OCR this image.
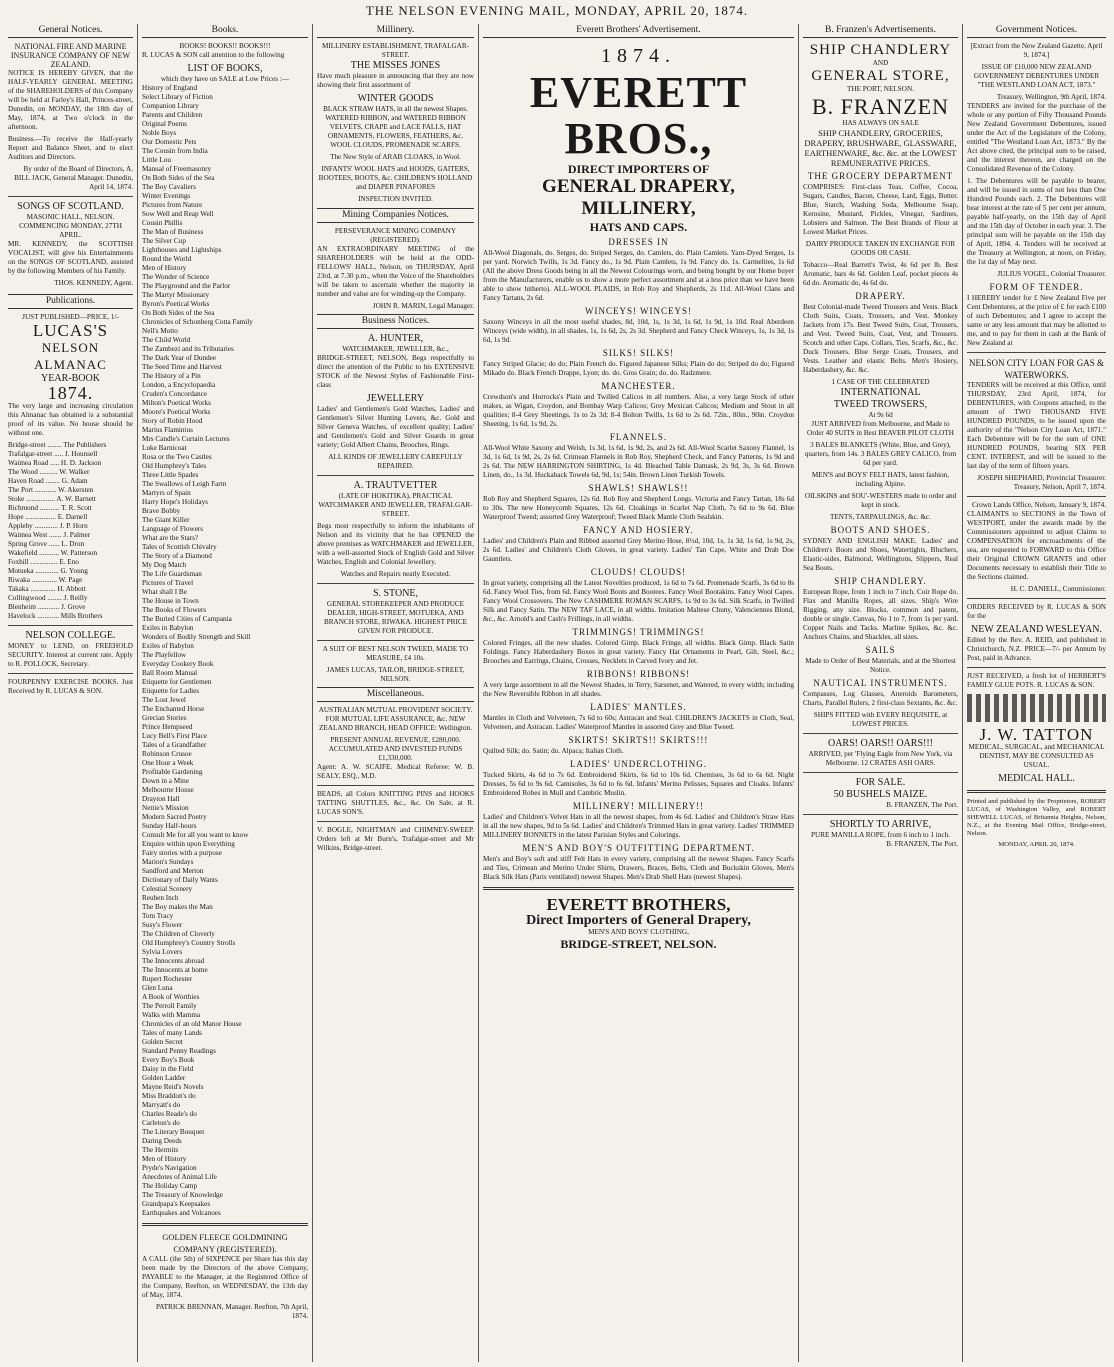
THE NELSON EVENING MAIL, MONDAY, APRIL 20, 1874.
General Notices.
NATIONAL FIRE AND MARINE INSURANCE COMPANY OF NEW ZEALAND.

NOTICE IS HEREBY GIVEN, that the HALF-YEARLY GENERAL MEETING of the SHAREHOLDERS of this Company will be held at Farley's Hall, Princes-street, Dunedin, on MONDAY, the 18th day of May, 1874, at Two o'clock in the afternoon.

Business.—To receive the Half-yearly Report and Balance Sheet, and to elect Auditors and Directors.

By order of the Board of Directors, A. BILL JACK, General Manager. Dunedin, April 14, 1874.

SONGS OF SCOTLAND.
MASONIC HALL, NELSON.
COMMENCING MONDAY, 27TH APRIL.

MR. KENNEDY, the SCOTTISH VOCALIST, will give his Entertainments on the SONGS OF SCOTLAND, assisted by the following Members of his Family.

THOS. KENNEDY, Agent.

Publications.
JUST PUBLISHED—PRICE, 1/-
LUCAS'S
NELSON ALMANAC
YEAR-BOOK
1874.

The very large and increasing circulation this Almanac has obtained is a substantial proof of its value. No house should be without one.

Bridge-street ........ The Publishers
Trafalgar-street ..... J. Hounsell
Waimea Road ..... H. D. Jackson
The Wood .......... W. Walker
Haven Road ........ G. Adam
The Port ............ W. Akersten
Stoke ................ A. W. Barnett
Richmond ........... T. R. Scott
Hope ................. E. Darnell
Appleby ............. J. P. Horn
Waimea West ....... J. Palmer
Spring Grove ...... L. Dron
Wakefield ........... W. Patterson
Foxhill ............... E. Eno
Motueka ............. G. Young
Riwaka .............. W. Page
Takaka .............. H. Abbott
Collingwood ........ J. Reilly
Blenheim ............ J. Grove
Havelock ............ Mills Brothers
NELSON COLLEGE.

MONEY to LEND, on FREEHOLD SECURITY. Interest at current rate. Apply to R. POLLOCK, Secretary.

FOURPENNY EXERCISE BOOKS. Just Received by R. LUCAS & SON.

Books.
BOOKS! BOOKS!! BOOKS!!!

R. LUCAS & SON call attention to the following

LIST OF BOOKS,
which they have on SALE at Low Prices :—
History of England
Select Library of Fiction
Companion Library
Parents and Children
Original Poems
Noble Boys
Our Domestic Pets
The Cousin from India
Little Lou
Manual of Freemasonry
On Both Sides of the Sea
The Boy Cavaliers
Winter Evenings
Pictures from Nature
Sow Well and Reap Well
Cousin Phillis
The Man of Business
The Silver Cup
Lighthouses and Lightships
Round the World
Men of History
The Wonder of Science
The Playground and the Parlor
The Martyr Missionary
Byron's Poetical Works
On Both Sides of the Sea
Chronicles of Schonberg Cotta Family
Nell's Motto
The Child World
The Zambezi and its Tributaries
The Dark Year of Dundee
The Seed Time and Harvest
The History of a Pin
London, a Encyclopaedia
Cruden's Concordance
Milton's Poetical Works
Moore's Poetical Works
Story of Robin Hood
Marius Flaminius
Mrs Candle's Curtain Lectures
Luke Barnicoat
Rosa or the Two Castles
Old Humphrey's Tales
Three Little Spades
The Swallows of Leigh Farm
Martyrs of Spain
Harry Hope's Holidays
Brave Bobby
The Giant Killer
Language of Flowers
What are the Stars?
Tales of Scottish Chivalry
The Story of a Diamond
My Dog Match
The Life Guardsman
Pictures of Travel
What shall I Be
The House in Town
The Books of Flowers
The Buried Cities of Campania
Exiles in Babylon
Wonders of Bodily Strength and Skill
Exiles of Babylon
The Playfellow
Everyday Cookery Book
Ball Room Manual
Etiquette for Gentlemen
Etiquette for Ladies
The Lost Jewel
The Enchanted Horse
Grecian Stories
Prince Hempseed
Lucy Bell's First Place
Tales of a Grandfather
Robinson Crusoe
One Hour a Week
Profitable Gardening
Down in a Mine
Melbourne House
Drayton Hall
Nettie's Mission
Modern Sacred Poetry
Sunday Half-hours
Consult Me for all you want to know
Enquire within upon Everything
Fairy stories with a purpose
Marion's Sundays
Sandford and Merton
Dictionary of Daily Wants
Celestial Scenery
Reuben Inch
The Boy makes the Man
Tom Tracy
Susy's Flower
The Children of Cloverly
Old Humphrey's Country Strolls
Sylvia Lovers
The Innocents abroad
The Innocents at home
Rupert Rochester
Glen Luna
A Book of Worthies
The Perroll Family
Walks with Mamma
Chronicles of an old Manor House
Tales of many Lands
Golden Secret
Standard Penny Readings
Every Boy's Book
Daisy in the Field
Golden Ladder
Mayne Reid's Novels
Miss Braddon's do
Marryatt's do
Charles Reade's do
Carleton's do
The Literary Bouquet
Daring Deeds
The Hermits
Men of History
Pryde's Navigation
Anecdotes of Animal Life
The Holiday Camp
The Treasury of Knowledge
Grandpapa's Keepsakes
Earthquakes and Volcanoes
GOLDEN FLEECE GOLDMINING COMPANY (REGISTERED).

A CALL (the 5th) of SIXPENCE per Share has this day been made by the Directors of the above Company, PAYABLE to the Manager, at the Registered Office of the Company, Reefton, on WEDNESDAY, the 13th day of May, 1874.

PATRICK BRENNAN, Manager. Reefton, 7th April, 1874.

Millinery.
MILLINERY ESTABLISHMENT, TRAFALGAR-STREET.
THE MISSES JONES

Have much pleasure in announcing that they are now showing their first assortment of

WINTER GOODS

BLACK STRAW HATS, in all the newest Shapes. WATERED RIBBON, and WATERED RIBBON VELVETS, CRAPE and LACE FALLS, HAT ORNAMENTS, FLOWERS, FEATHERS, &c. WOOL CLOUDS, PROMENADE SCARFS.

The New Style of ARAB CLOAKS, in Wool.

INFANTS' WOOL HATS and HOODS, GAITERS, BOOTEES, BOOTS, &c. CHILDREN'S HOLLAND and DIAPER PINAFORES

INSPECTION INVITED.
Mining Companies Notices.
PERSEVERANCE MINING COMPANY (REGISTERED).

AN EXTRAORDINARY MEETING of the SHAREHOLDERS will be held at the ODD-FELLOWS' HALL, Nelson, on THURSDAY, April 23rd, at 7.30 p.m., when the Voice of the Shareholders will be taken to ascertain whether the majority in number and value are for winding-up the Company.

JOHN R. MARIN, Legal Manager.

Business Notices.
A. HUNTER,
WATCHMAKER, JEWELLER, &c.,

BRIDGE-STREET, NELSON, Begs respectfully to direct the attention of the Public to his EXTENSIVE STOCK of the Newest Styles of Fashionable First-class

JEWELLERY

Ladies' and Gentlemen's Gold Watches, Ladies' and Gentlemen's Silver Hunting Levers, &c. Gold and Silver Geneva Watches, of excellent quality; Ladies' and Gentlemen's Gold and Silver Guards in great variety; Gold Albert Chains, Brooches, Rings.

ALL KINDS OF JEWELLERY CAREFULLY REPAIRED.
A. TRAUTVETTER

(LATE OF HOKITIKA), PRACTICAL WATCHMAKER AND JEWELLER, TRAFALGAR-STREET.

Begs most respectfully to inform the inhabitants of Nelson and its vicinity that he has OPENED the above premises as WATCHMAKER and JEWELLER, with a well-assorted Stock of English Gold and Silver Watches, English and Colonial Jewellery.

Watches and Repairs neatly Executed.
S. STONE,

GENERAL STOREKEEPER AND PRODUCE DEALER, HIGH-STREET, MOTUEKA, AND BRANCH STORE, RIWAKA. HIGHEST PRICE GIVEN FOR PRODUCE.

A SUIT OF BEST NELSON TWEED, MADE TO MEASURE, £4 10s.

JAMES LUCAS, TAILOR, BRIDGE-STREET, NELSON.

Miscellaneous.
AUSTRALIAN MUTUAL PROVIDENT SOCIETY.

FOR MUTUAL LIFE ASSURANCE, &c. NEW ZEALAND BRANCH, HEAD OFFICE: Wellington.

PRESENT ANNUAL REVENUE, £280,000.
ACCUMULATED AND INVESTED FUNDS £1,330,000.

Agent: A. W. SCAIFE. Medical Referee: W. B. SEALY, ESQ., M.D.

BEADS, all Colors KNITTING PINS and HOOKS TATTING SHUTTLES, &c., &c. On Sale, at R. LUCAS SON'S.

V. BOGLE, NIGHTMAN and CHIMNEY-SWEEP. Orders left at Mr Burn's, Trafalgar-street and Mr Wilkins, Bridge-street.

Everett Brothers' Advertisement.
1874.
EVERETT BROS.,
DIRECT IMPORTERS OF
GENERAL DRAPERY, MILLINERY,
HATS AND CAPS.
DRESSES IN

All-Wool Diagonals, do. Serges, do. Striped Serges, do. Camlets, do. Plain Camlets. Yarn-Dyed Serges, 1s per yard. Norwich Twills, 1s 3d. Fancy do., 1s 9d. Plain Camlets, 1s 9d. Fancy do. 1s. Carmelites, 1s 6d (All the above Dress Goods being in all the Newest Colourings worn, and being bought by our Home buyer from the Manufacturers, enable us to show a more perfect assortment and at a less price than we have been able to show hitherto). ALL-WOOL PLAIDS, in Rob Roy and Shepherds, 2s 11d. All-Wool Clans and Fancy Tartans, 2s 6d.

WINCEYS! WINCEYS!

Saxony Winceys in all the most useful shades, 8d, 10d, 1s, 1s 3d, 1s 6d, 1s 9d, 1s 10d. Real Aberdeen Winceys (wide width), in all shades, 1s, 1s 6d, 2s, 2s 3d. Shepherd and Fancy Check Winceys, 1s, 1s 3d, 1s 6d, 1s 9d.

SILKS! SILKS!

Fancy Striped Glacie; do do; Plain French do. Figured Japanese Silks; Plain do do; Striped do do; Figured Mikado do. Black French Drappe, Lyon; do. do. Gros Grain; do. do. Radzmere.

MANCHESTER.

Crewdson's and Horrocks's Plain and Twilled Calicos in all numbers. Also, a very large Stock of other makes, as Wigan, Croydon, and Bombay Warp Calicos; Grey Mexican Calicos; Medium and Stout in all qualities; 8-4 Grey Sheetings, 1s to 2s 3d; 8-4 Bolton Twills, 1s 6d to 2s 6d. 72in., 80in., 90in. Croydon Sheeting, 1s 6d, 1s 9d, 2s.

FLANNELS.

All-Wool White Saxony and Welsh, 1s 3d, 1s 6d, 1s 9d, 2s, and 2s 6d. All-Wool Scarlet Saxony Flannel, 1s 3d, 1s 6d, 1s 9d, 2s, 2s 6d. Crimean Flannels in Rob Roy, Shepherd Check, and Fancy Patterns, 1s 9d and 2s 6d. The NEW HARRINGTON SHIRTING, 1s 4d. Bleached Table Damask, 2s 9d, 3s, 3s 6d. Brown Linen, do., 1s 3d. Huckaback Towels 6d, 9d, 1s; 54in. Brown Linen Turkish Towels.

SHAWLS! SHAWLS!!

Rob Roy and Shepherd Squares, 12s 6d. Rob Roy and Shepherd Longs. Victoria and Fancy Tartan, 18s 6d to 30s. The new Honeycomb Squares, 12s 6d. Cloakings in Scarlet Nap Cloth, 7s 6d to 9s 6d. Blue Waterproof Tweed; assorted Grey Waterproof; Tweed Black Mantle Cloth Sealskin.

FANCY AND HOSIERY.

Ladies' and Children's Plain and Ribbed assorted Grey Merino Hose, 8½d, 10d, 1s, 1s 3d, 1s 6d, 1s 9d, 2s, 2s 6d. Ladies' and Children's Cloth Gloves, in great variety. Ladies' Tan Cape, White and Drab Doe Gauntlets.

CLOUDS! CLOUDS!

In great variety, comprising all the Latest Novelties produced, 1s 6d to 7s 6d. Promenade Scarfs, 3s 6d to 8s 6d. Fancy Wool Ties, from 6d. Fancy Wool Boots and Bootees. Fancy Wool Bootakins. Fancy Wool Capes. Fancy Wool Crossovers. The New CASHMERE ROMAN SCARFS, 1s 9d to 3s 6d. Silk Scarfs, in Twilled Silk and Fancy Satin. The NEW TAF LACE, in all widths. Imitation Maltese Chuny, Valenciennes Blond, &c., &c. Arnold's and Cash's Frillings, in all widths.

TRIMMINGS! TRIMMINGS!

Colored Fringes, all the new shades. Colored Gimp. Black Fringe, all widths. Black Gimp. Black Satin Foldings. Fancy Haberdashery Boxes in great variety. Fancy Hat Ornaments in Pearl, Gilt, Steel, &c.; Brooches and Earrings, Chains, Crosses, Necklets in Carved Ivory and Jet.

RIBBONS! RIBBONS!

A very large assortment in all the Newest Shades, in Terry, Sarsenet, and Watered, in every width; including the New Reversible Ribbon in all shades.

LADIES' MANTLES.

Mantles in Cloth and Velveteen, 7s 6d to 60s; Astracan and Seal. CHILDREN'S JACKETS in Cloth, Seal, Velveteen, and Astracan. Ladies' Waterproof Mantles in assorted Grey and Blue Tweed.

SKIRTS! SKIRTS!! SKIRTS!!!

Quilted Silk; do. Satin; do. Alpaca; Italian Cloth.

LADIES' UNDERCLOTHING.

Tucked Skirts, 4s 6d to 7s 6d. Embroidered Skirts, 6s 6d to 10s 6d. Chemises, 3s 6d to 6s 6d. Night Dresses, 5s 6d to 9s 6d. Camisoles, 3s 6d to 6s 6d. Infants' Merino Pelisses, Squares and Cloaks. Infants' Embroidered Robes in Mull and Cambric Muslin.

MILLINERY! MILLINERY!!

Ladies' and Children's Velvet Hats in all the newest shapes, from 4s 6d. Ladies' and Children's Straw Hats in all the new shapes, 9d to 5s 6d. Ladies' and Children's Trimmed Hats in great variety. Ladies' TRIMMED MILLINERY BONNETS in the latest Parisian Styles and Colorings.

MEN'S AND BOY'S OUTFITTING DEPARTMENT.

Men's and Boy's soft and stiff Felt Hats in every variety, comprising all the newest Shapes. Fancy Scarfs and Ties, Crimean and Merino Under Shirts, Drawers, Braces, Belts, Cloth and Buckskin Gloves, Men's Black Silk Hats (Paris ventilated) newest Shapes. Men's Drab Shell Hats (newest Shapes).

EVERETT BROTHERS,
Direct Importers of General Drapery,
MEN'S AND BOYS' CLOTHING,
BRIDGE-STREET, NELSON.
B. Franzen's Advertisements.
SHIP CHANDLERY
AND
GENERAL STORE,
THE PORT, NELSON.
B. FRANZEN
HAS ALWAYS ON SALE

SHIP CHANDLERY, GROCERIES, DRAPERY, BRUSHWARE, GLASSWARE, EARTHENWARE, &c. &c. at the LOWEST REMUNERATIVE PRICES.

THE GROCERY DEPARTMENT

COMPRISES: First-class Teas, Coffee, Cocoa, Sugars, Candles, Bacon, Cheese, Lard, Eggs, Butter. Blue, Starch, Washing Soda, Melbourne Soap, Kerosine, Mustard, Pickles, Vinegar, Sardines, Lobsters and Salmon. The Best Brands of Flour at Lowest Market Prices.

DAIRY PRODUCE TAKEN IN EXCHANGE FOR GOODS OR CASH.

Tobacco—Real Barrett's Twist, 4s 6d per lb. Best Aromatic, bars 4s 6d. Golden Leaf, pocket pieces 4s 6d do. Aromatic do, 4s 6d do.

DRAPERY.

Best Colonial-made Tweed Trousers and Vests. Black Cloth Suits, Coats, Trousers, and Vest. Monkey Jackets from 17s. Best Tweed Suits, Coat, Trousers, and Vest. Tweed Suits, Coat, Vest, and Trousers. Scotch and other Caps. Collars, Ties, Scarfs, &c., &c. Duck Trousers. Blue Serge Coats, Trousers, and Vests. Leather and elastic Belts. Men's Hosiery, Haberdashery, &c. &c.

1 CASE OF THE CELEBRATED
INTERNATIONAL
TWEED TROWSERS,
At 9s 6d

JUST ARRIVED from Melbourne, and Made to Order 40 SUITS in Best BEAVER PILOT CLOTH

3 BALES BLANKETS (White, Blue, and Grey), quarters, from 14s. 3 BALES GREY CALICO, from 6d per yard.

MEN'S and BOYS' FELT HATS, latest fashion, including Alpine.

OILSKINS and SOU'-WESTERS made to order and kept in stock.

TENTS, TARPAULINGS, &c. &c.
BOOTS AND SHOES.

SYDNEY AND ENGLISH MAKE. Ladies' and Children's Boots and Shoes, Watertights, Bluchers, Elastic-sides, Balmoral, Wellingtons, Slippers, Real Sea Boots.

SHIP CHANDLERY.

European Rope, from 1 inch to 7 inch. Coir Rope do. Flax and Manilla Ropes, all sizes. Ship's Wire Rigging, any size. Blocks, common and patent, double or single. Canvas, No 1 to 7, from 1s per yard. Copper Nails and Tacks. Marline Spikes, &c. &c. Anchors Chains, and Shackles, all sizes.

SAILS

Made to Order of Best Materials, and at the Shortest Notice.

NAUTICAL INSTRUMENTS.

Compasses, Log Glasses, Aneroids Barometers, Charts, Parallel Rulers, 2 first-class Sextants, &c. &c.

SHIPS FITTED with EVERY REQUISITE, at LOWEST PRICES.

OARS! OARS!! OARS!!!

ARRIVED, per 'Flying Eagle from New York, via Melbourne. 12 CRATES ASH OARS.

FOR SALE.
50 BUSHELS MAIZE.
B. FRANZEN, The Port.
SHORTLY TO ARRIVE,
PURE MANILLA ROPE, from 6 inch to 1 inch.
B. FRANZEN, The Port.
Government Notices.

[Extract from the New Zealand Gazette, April 9, 1874.]

ISSUE OF £10,000 NEW ZEALAND GOVERNMENT DEBENTURES UNDER "THE WESTLAND LOAN ACT, 1873."

Treasury, Wellington, 9th April, 1874.

TENDERS are invited for the purchase of the whole or any portion of Fifty Thousand Pounds New Zealand Government Debentures, issued under the Act of the Legislature of the Colony, entitled "The Westland Loan Act, 1873." By the Act above cited, the principal sum to be raised, and the interest thereon, are charged on the Consolidated Revenue of the Colony.

1. The Debentures will be payable to bearer, and will be issued in sums of not less than One Hundred Pounds each. 2. The Debentures will bear interest at the rate of 5 per cent per annum, payable half-yearly, on the 15th day of April and the 15th day of October in each year. 3. The principal sum will be payable on the 15th day of April, 1894. 4. Tenders will be received at the Treasury at Wellington, at noon, on Friday, the 1st day of May next.

JULIUS VOGEL, Colonial Treasurer.
FORM OF TENDER.

I HEREBY tender for £ New Zealand Five per Cent Debentures, at the price of £ for each £100 of such Debentures; and I agree to accept the same or any less amount that may be allotted to me, and to pay for them in cash at the Bank of New Zealand at

NELSON CITY LOAN FOR GAS & WATERWORKS.

TENDERS will be received at this Office, until THURSDAY, 23rd April, 1874, for DEBENTURES, with Coupons attached, to the amount of TWO THOUSAND FIVE HUNDRED POUNDS, to be issued upon the authority of the "Nelson City Loan Act, 1871." Each Debenture will be for the sum of ONE HUNDRED POUNDS, bearing SIX PER CENT. INTEREST, and will be issued to the last day of the term of fifteen years.

JOSEPH SHEPHARD, Provincial Treasurer. Treasury, Nelson, April 7, 1874.

Crown Lands Office, Nelson, January 9, 1874.

CLAIMANTS to SECTIONS in the Town of WESTPORT, under the awards made by the Commissioners appointed to adjust Claims to COMPENSATION for encroachments of the sea, are requested to FORWARD to this Office their Original CROWN GRANTS and other Documents necessary to establish their Title to the Sections claimed.

H. C. DANIELL, Commissioner.

ORDERS RECEIVED by R. LUCAS & SON for the

NEW ZEALAND WESLEYAN.

Edited by the Rev. A. REID, and published in Christchurch, N.Z. PRICE—7/- per Annum by Post, paid in Advance.

JUST RECEIVED, a fresh lot of HERBERT'S FAMILY GLUE POTS. R. LUCAS & SON.

J. W. TATTON

MEDICAL, SURGICAL, and MECHANICAL DENTIST, MAY BE CONSULTED AS USUAL.

MEDICAL HALL.

Printed and published by the Proprietors, ROBERT LUCAS, of Washington Valley, and ROBERT SHEWELL LUCAS, of Britannia Heights, Nelson, N.Z., at the Evening Mail Office, Bridge-street, Nelson.

MONDAY, APRIL 20, 1874.
